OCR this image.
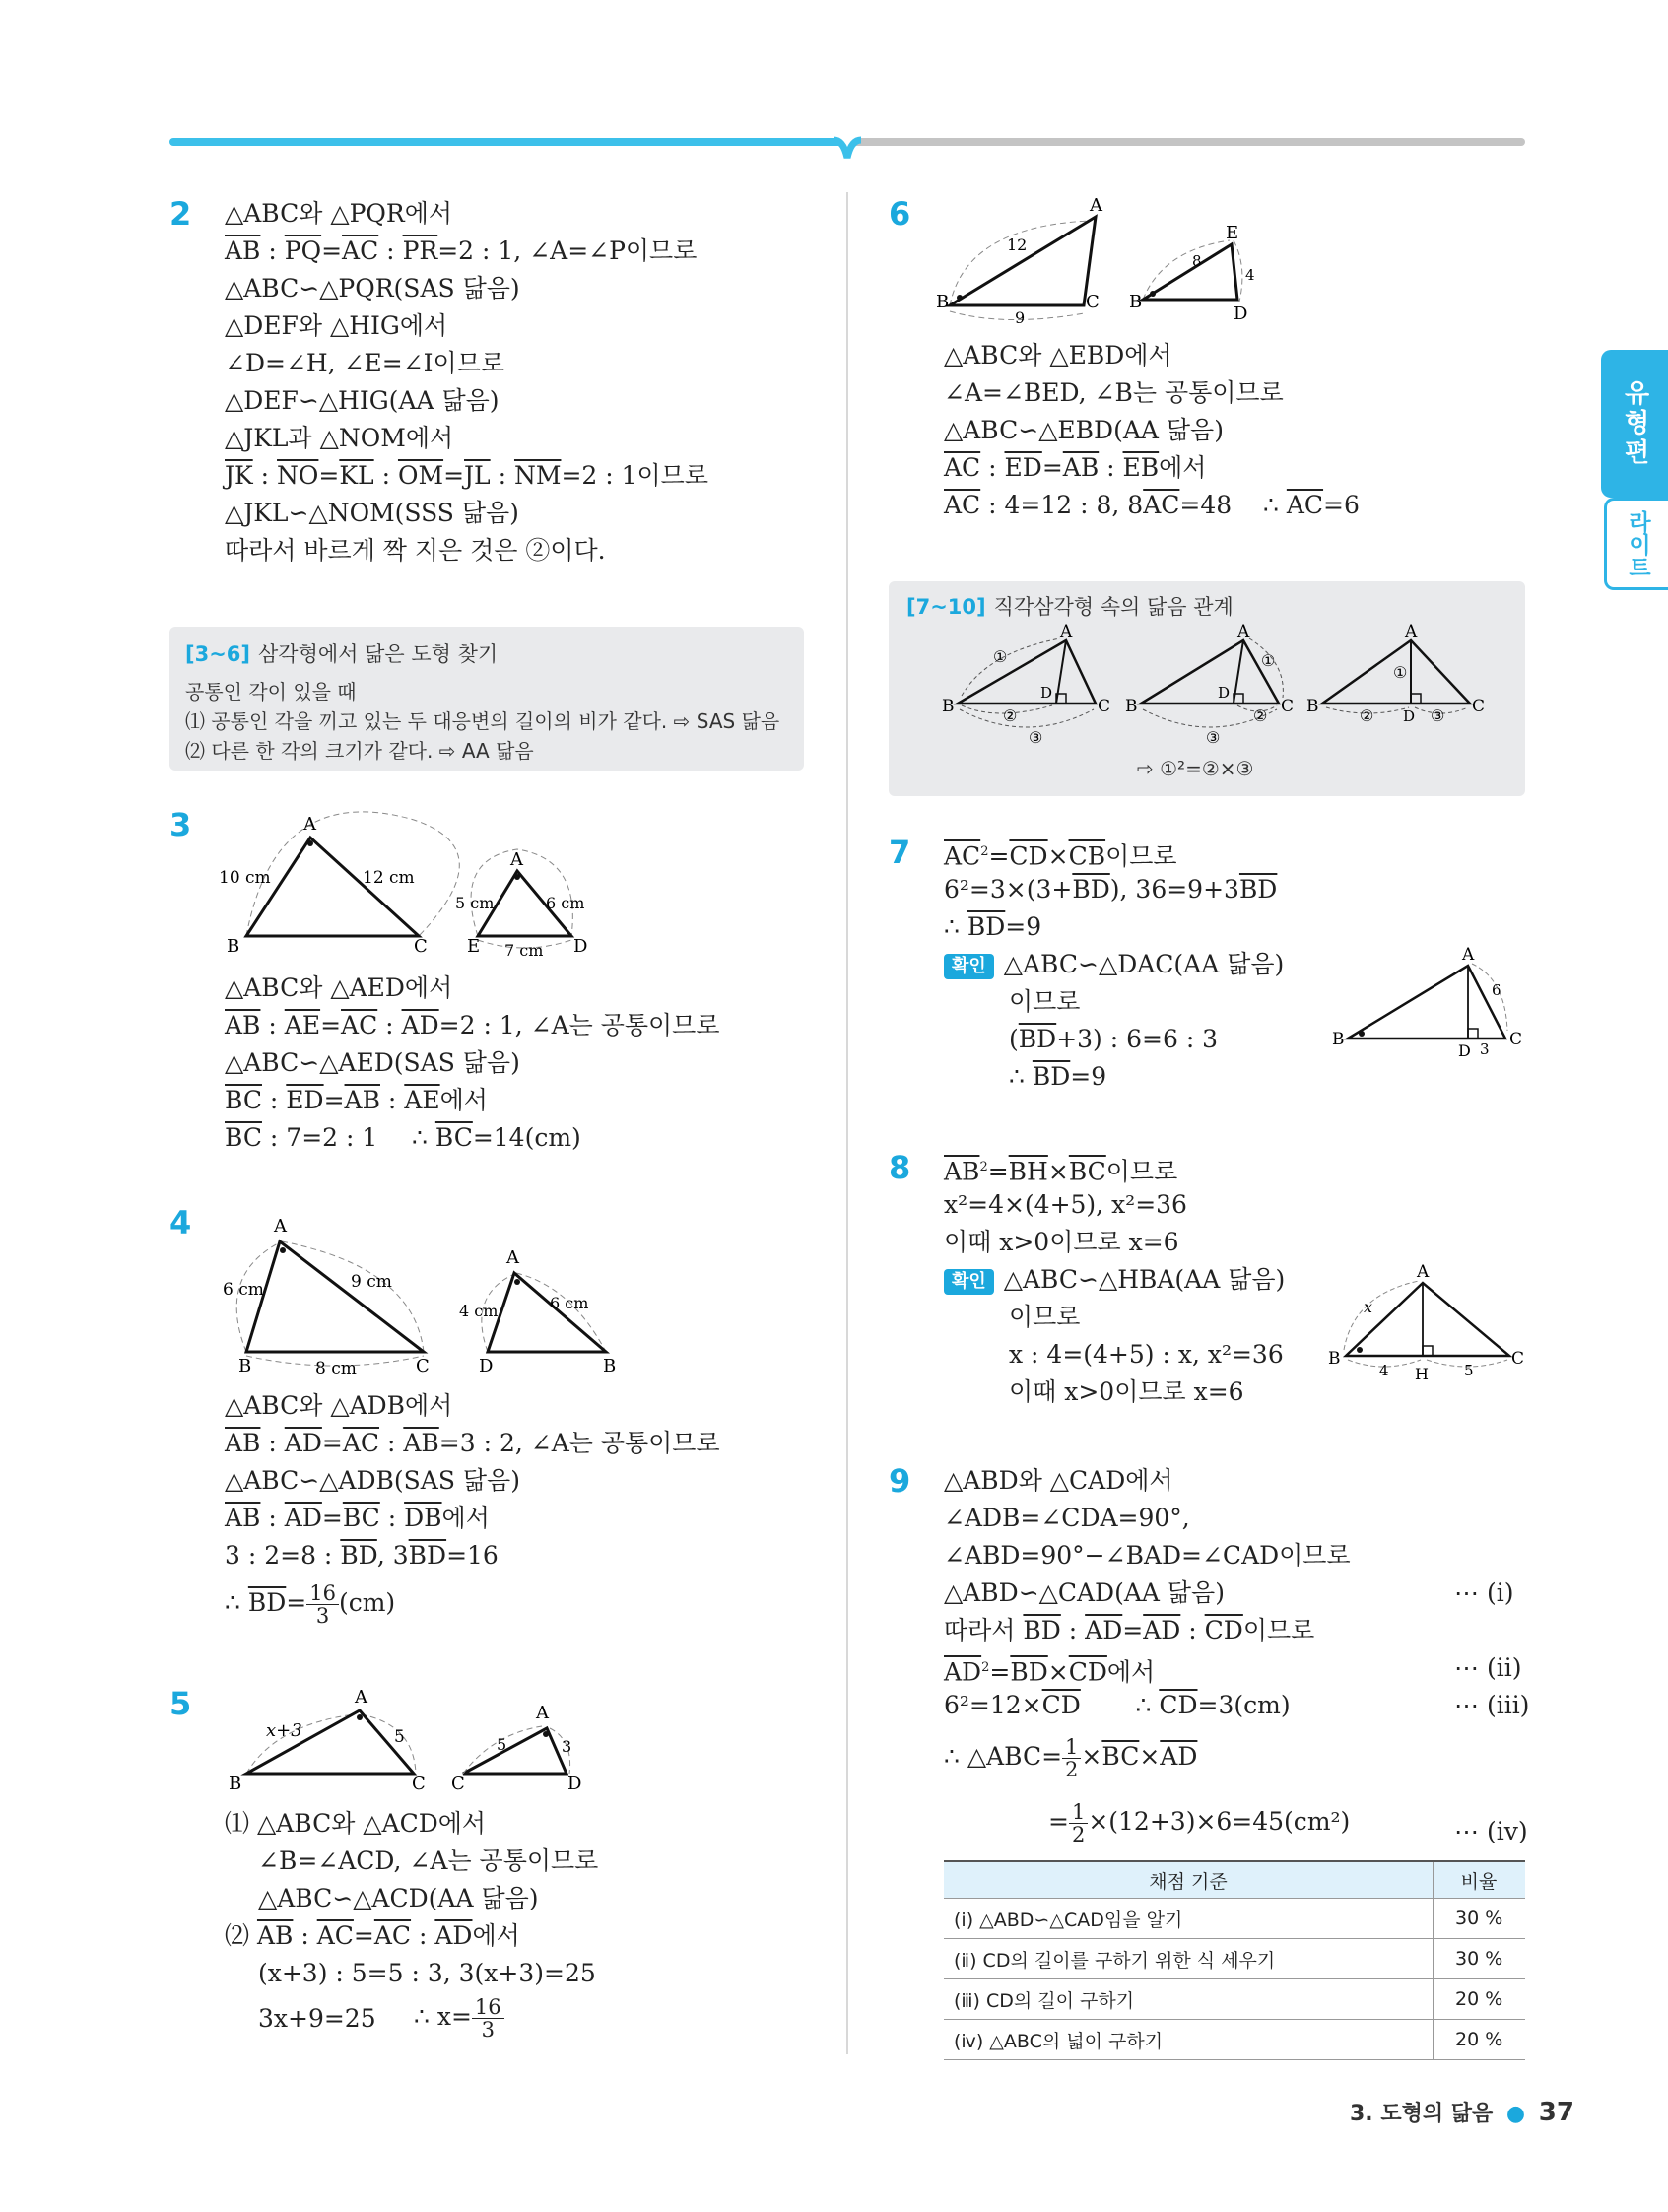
유형편
라이트
2 △ABC와 △PQR에서
$\overline{AB}$ : $\overline{PQ}=\overline{AC}$ : $\overline{PR}=2$ : 1, ∠A=∠P이므로
△ABC∽△PQR(SAS 닮음)
△DEF와 △HIG에서
∠D=∠H, ∠E=∠I이므로
△DEF∽△HIG(AA 닮음)
△JKL과 △NOM에서
$\overline{JK}$ : $\overline{NO}=\overline{KL}$ : $\overline{OM}=\overline{JL}$ : $\overline{NM}=2$ : 1이므로
△JKL∽△NOM(SSS 닮음)
따라서 바르게 짝 지은 것은 ②이다.
[3~6] 삼각형에서 닮은 도형 찾기
공통인 각이 있을 때
⑴ 공통인 각을 끼고 있는 두 대응변의 길이의 비가 같다. ⇨ SAS 닮음
⑵ 다른 한 각의 크기가 같다. ⇨ AA 닮음
3	A
B	C
10 cm	12 cm
A
E	D
5 cm	6 cm
7 cm
△ABC와 △AED에서
$\overline{AB}$ : $\overline{AE}=\overline{AC}$ : $\overline{AD}=2$ : 1, ∠A는 공통이므로
△ABC∽△AED(SAS 닮음)
$\overline{BC}$ : $\overline{ED}=\overline{AB}$ : $\overline{AE}$에서
$\overline{BC}$ : 7=2 : 1 ∴ $\overline{BC}=14(cm)$
4	A
B	C
6 cm	9 cm
8 cm
A
D	B
4 cm	6 cm
△ABC와 △ADB에서
$\overline{AB}$ : $\overline{AD}=\overline{AC}$ : $\overline{AB}=3$ : 2, ∠A는 공통이므로
△ABC∽△ADB(SAS 닮음)
$\overline{AB}$ : $\overline{AD}=\overline{BC}$ : $\overline{DB}$에서
3 : 2=8 : $\overline{BD}$, $3\overline{BD}=16$
∴ $\overline{BD}= \frac{16}{3} (cm)$
5	A
B	C
x+3	5
A
C	D
5	3
⑴ △ABC와 △ACD에서
∠B=∠ACD, ∠A는 공통이므로
△ABC∽△ACD(AA 닮음)
⑵ $\overline{AB}$ : $\overline{AC}=\overline{AC}$ : $\overline{AD}$에서
(x+3) : 5=5 : 3, 3(x+3)=25
3x+9=25 ∴ $x= \frac{16}{3}$
6	A
B	C
12
9
E
B
D
8
4
△ABC와 △EBD에서
∠A=∠BED, ∠B는 공통이므로
△ABC∽△EBD(AA 닮음)
$\overline{AC}$ : $\overline{ED}=\overline{AB}$ : $\overline{EB}$에서
$\overline{AC}$ : 4=12 : 8, $8\overline{AC}=48$ ∴ $\overline{AC}=6$
[7~10] 직각삼각형 속의 닮음 관계
A
B	C
D
①
②
③
A
B	C
D
①
②
③
A
B	C
D
①
②	③
⇨ ①²=②×③
7 $\overline{AC}^2=\overline{CD}\times\overline{CB}$이므로
$6^2=3\times(3+\overline{BD})$, $36=9+3\overline{BD}$
∴ $\overline{BD}=9$
확인 △ABC∽△DAC(AA 닮음)
이므로
$(\overline{BD}+3)$ : 6=6 : 3
∴ $\overline{BD}=9$
A
B	C
D
6
3
8 $\overline{AB}^2=\overline{BH}\times\overline{BC}$이므로
x²=4×(4+5), x²=36
이때 x>0이므로 x=6
확인 △ABC∽△HBA(AA 닮음)
이므로
x : 4=(4+5) : x, x²=36
이때 x>0이므로 x=6
A
B	C
H
x
4	5
9 △ABD와 △CAD에서
∠ADB=∠CDA=90°,
∠ABD=90°−∠BAD=∠CAD이므로
△ABD∽△CAD(AA 닮음)
따라서 $\overline{BD}$ : $\overline{AD}=\overline{AD}$ : $\overline{CD}$이므로
$\overline{AD}^2=\overline{BD}\times\overline{CD}$에서
$6^2=12\times\overline{CD}$       ∴ $\overline{CD}=3(cm)$
∴ △ABC= $\frac{1}{2} \times\overline{BC}\times\overline{AD}$
= $\frac{1}{2} \times(12+3)\times 6=45(cm^2)$
⋯ (ⅰ)
⋯ (ⅱ)
⋯ (ⅲ)
⋯ (ⅳ)
채점 기준	비율
(ⅰ) △ABD∽△CAD임을 알기	30 %
(ⅱ) CD의 길이를 구하기 위한 식 세우기	30 %
(ⅲ) CD의 길이 구하기	20 %
(ⅳ) △ABC의 넓이 구하기	20 %
3. 도형의 닮음 ● 37
